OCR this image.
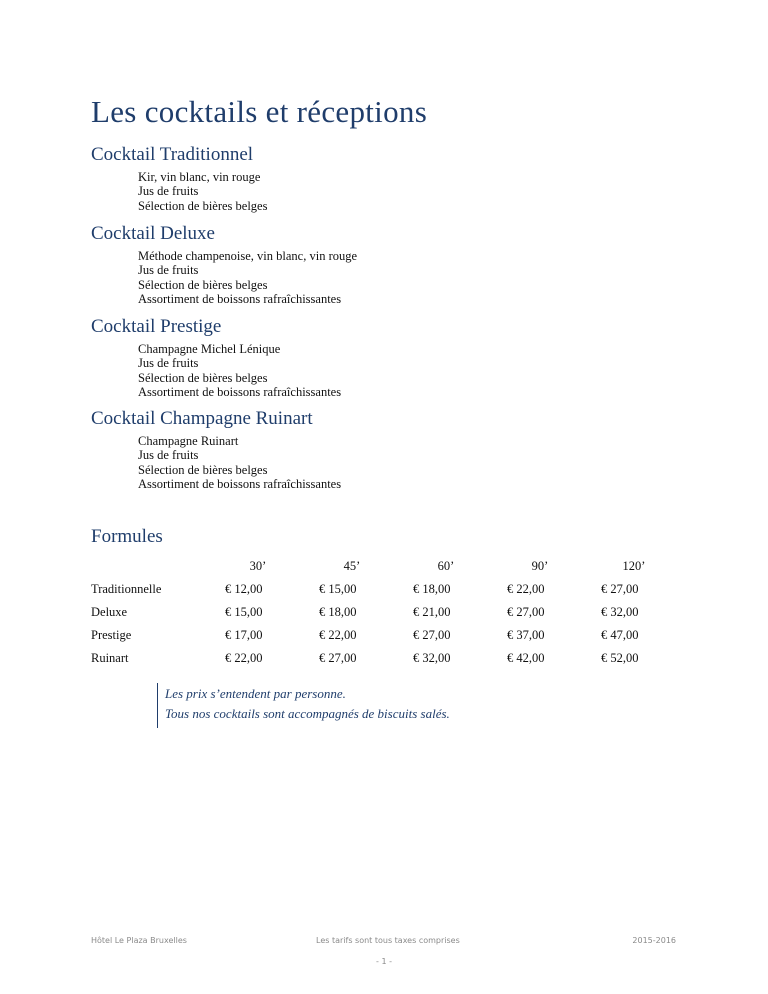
Les cocktails et réceptions
Cocktail Traditionnel
Kir, vin blanc, vin rouge
Jus de fruits
Sélection de bières belges
Cocktail Deluxe
Méthode champenoise, vin blanc, vin rouge
Jus de fruits
Sélection de bières belges
Assortiment de boissons rafraîchissantes
Cocktail Prestige
Champagne Michel Lénique
Jus de fruits
Sélection de bières belges
Assortiment de boissons rafraîchissantes
Cocktail Champagne Ruinart
Champagne Ruinart
Jus de fruits
Sélection de bières belges
Assortiment de boissons rafraîchissantes
Formules
	30’	45’	60’	90’	120’
Traditionnelle	€ 12,00	€ 15,00	€ 18,00	€ 22,00	€ 27,00
Deluxe	€ 15,00	€ 18,00	€ 21,00	€ 27,00	€ 32,00
Prestige	€ 17,00	€ 22,00	€ 27,00	€ 37,00	€ 47,00
Ruinart	€ 22,00	€ 27,00	€ 32,00	€ 42,00	€ 52,00
Les prix s’entendent par personne.
Tous nos cocktails sont accompagnés de biscuits salés.
Hôtel Le Plaza Bruxelles	Les tarifs sont tous taxes comprises	2015-2016
- 1 -
